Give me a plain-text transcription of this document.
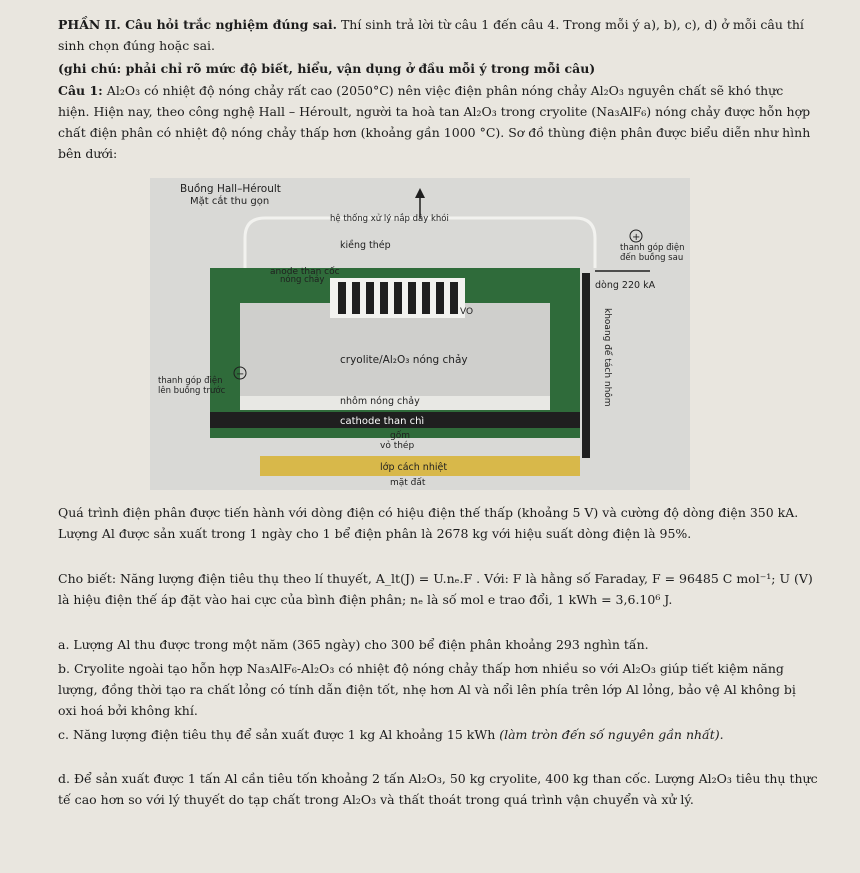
PHẦN II. Câu hỏi trắc nghiệm đúng sai. Thí sinh trả lời từ câu 1 đến câu 4. Trong mỗi ý a), b), c), d) ở mỗi câu thí sinh chọn đúng hoặc sai.

(ghi chú: phải chỉ rõ mức độ biết, hiểu, vận dụng ở đầu mỗi ý trong mỗi câu)

Câu 1: Al₂O₃ có nhiệt độ nóng chảy rất cao (2050°C) nên việc điện phân nóng chảy Al₂O₃ nguyên chất sẽ khó thực hiện. Hiện nay, theo công nghệ Hall – Héroult, người ta hoà tan Al₂O₃ trong cryolite (Na₃AlF₆) nóng chảy được hỗn hợp chất điện phân có nhiệt độ nóng chảy thấp hơn (khoảng gần 1000 °C). Sơ đồ thùng điện phân được biểu diễn như hình bên dưới:

Buồng Hall–Héroult
Mặt cắt thu gọn
hệ thống xử lý nắp dây khói
kiềng thép
anode than cốc
nóng chảy
thanh góp điện
đến buồng sau
dòng 220 kA
+
−
VO
cryolite/Al₂O₃ nóng chảy
thanh góp điện
lên buồng trước
nhôm nóng chảy
cathode than chì
gốm
vỏ thép
lớp cách nhiệt
mặt đất
khoang để tách nhôm

Quá trình điện phân được tiến hành với dòng điện có hiệu điện thế thấp (khoảng 5 V) và cường độ dòng điện 350 kA. Lượng Al được sản xuất trong 1 ngày cho 1 bể điện phân là 2678 kg với hiệu suất dòng điện là 95%.

Cho biết: Năng lượng điện tiêu thụ theo lí thuyết, A_lt(J) = U.nₑ.F . Với: F là hằng số Faraday, F = 96485 C mol⁻¹; U (V) là hiệu điện thế áp đặt vào hai cực của bình điện phân; nₑ là số mol e trao đổi, 1 kWh = 3,6.10⁶ J.

a. Lượng Al thu được trong một năm (365 ngày) cho 300 bể điện phân khoảng 293 nghìn tấn.

b. Cryolite ngoài tạo hỗn hợp Na₃AlF₆-Al₂O₃ có nhiệt độ nóng chảy thấp hơn nhiều so với Al₂O₃ giúp tiết kiệm năng lượng, đồng thời tạo ra chất lỏng có tính dẫn điện tốt, nhẹ hơn Al và nổi lên phía trên lớp Al lỏng, bảo vệ Al không bị oxi hoá bởi không khí.

c. Năng lượng điện tiêu thụ để sản xuất được 1 kg Al khoảng 15 kWh (làm tròn đến số nguyên gần nhất).

d. Để sản xuất được 1 tấn Al cần tiêu tốn khoảng 2 tấn Al₂O₃, 50 kg cryolite, 400 kg than cốc. Lượng Al₂O₃ tiêu thụ thực tế cao hơn so với lý thuyết do tạp chất trong Al₂O₃ và thất thoát trong quá trình vận chuyển và xử lý.
